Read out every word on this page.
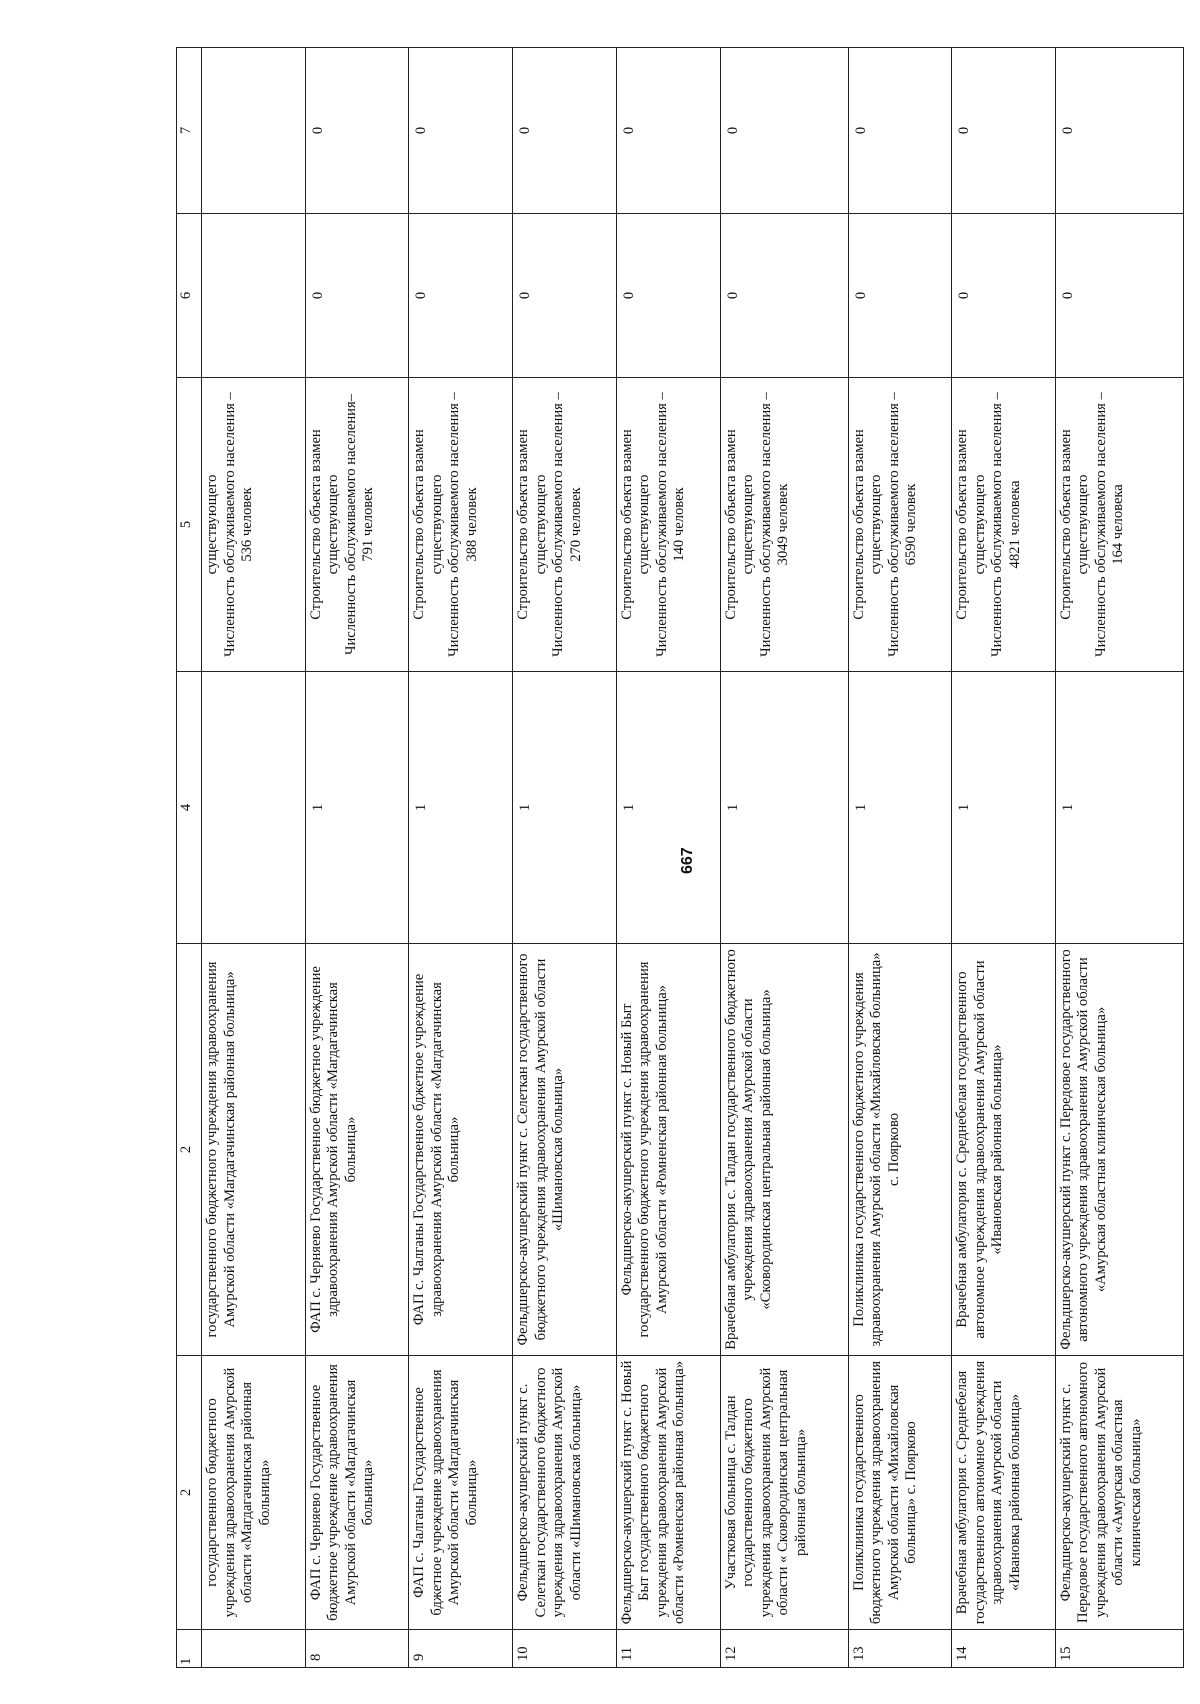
667
1	2	2	4	5	6	7
	государственного бюджетного учреждения здравоохранения Амурской области «Магдагачинская районная больница»	государственного бюджетного учреждения здравоохранения Амурской области «Магдагачинская районная больница»		существующего Численность обслуживаемого населения – 536 человек		

8	ФАП с. Черняево Государственное бюджетное учреждение здравоохранения Амурской области «Магдагачинская больница»	ФАП с. Черняево Государственное бюджетное учреждение здравоохранения Амурской области «Магдагачинская больница»	1	Строительство объекта взамен существующего Численность обслуживаемого населения– 791 человек	0	0
9	ФАП с. Чалганы Государственное бджетное учреждение здравоохранения Амурской области «Магдагачинская больница»	ФАП с. Чалганы Государственное бджетное учреждение здравоохранения Амурской области «Магдагачинская больница»	1	Строительство объекта взамен существующего Численность обслуживаемого населения – 388 человек	0	0
10	Фельдшерско-акушерский пункт с. Селеткан государственного бюджетного учреждения здравоохранения Амурской области «Шимановская больница»	Фельдшерско-акушерский пункт с. Селеткан государственного бюджетного учреждения здравоохранения Амурской области «Шимановская больница»	1	Строительство объекта взамен существующего Численность обслуживаемого населения – 270 человек	0	0
11	Фельдшерско-акушерский пункт с. Новый Быт государственного бюджетного учреждения здравоохранения Амурской области «Ромненская районная больница»	Фельдшерско-акушерский пункт с. Новый Быт государственного бюджетного учреждения здравоохранения Амурской области «Ромненская районная больница»	1	Строительство объекта взамен существующего Численность обслуживаемого населения – 140 человек	0	0
12	Участковая больница с. Талдан государственного бюджетного учреждения здравоохранения Амурской области « Сковородинская центральная районная больница»	Врачебная амбулатория с. Талдан государственного бюджетного учреждения здравоохранения Амурской области «Сковородинская центральная районная больница»	1	Строительство объекта взамен существующего Численность обслуживаемого населения – 3049 человек	0	0
13	Поликлиника государственного бюджетного учреждения здравоохранения Амурской области «Михайловская больница» с. Поярково	Поликлиника государственного бюджетного учреждения здравоохранения Амурской области «Михайловская больница» с. Поярково	1	Строительство объекта взамен существующего Численность обслуживаемого населения – 6590 человек	0	0
14	Врачебная амбулатория с. Среднебелая государственного автономное учреждения здравоохранения Амурской области «Ивановка районная больница»	Врачебная амбулатория с. Среднебелая государственного автономное учреждения здравоохранения Амурской области «Ивановская районная больница»	1	Строительство объекта взамен существующего Численность обслуживаемого населения – 4821 человека	0	0
15	Фельдшерско-акушерский пункт с. Передовое государственного автономного учреждения здравоохранения Амурской области «Амурская областная клиническая больница»	Фельдшерско-акушерский пункт с. Передовое государственного автономного учреждения здравоохранения Амурской области «Амурская областная клиническая больница»	1	Строительство объекта взамен существующего Численность обслуживаемого населения – 164 человека	0	0
